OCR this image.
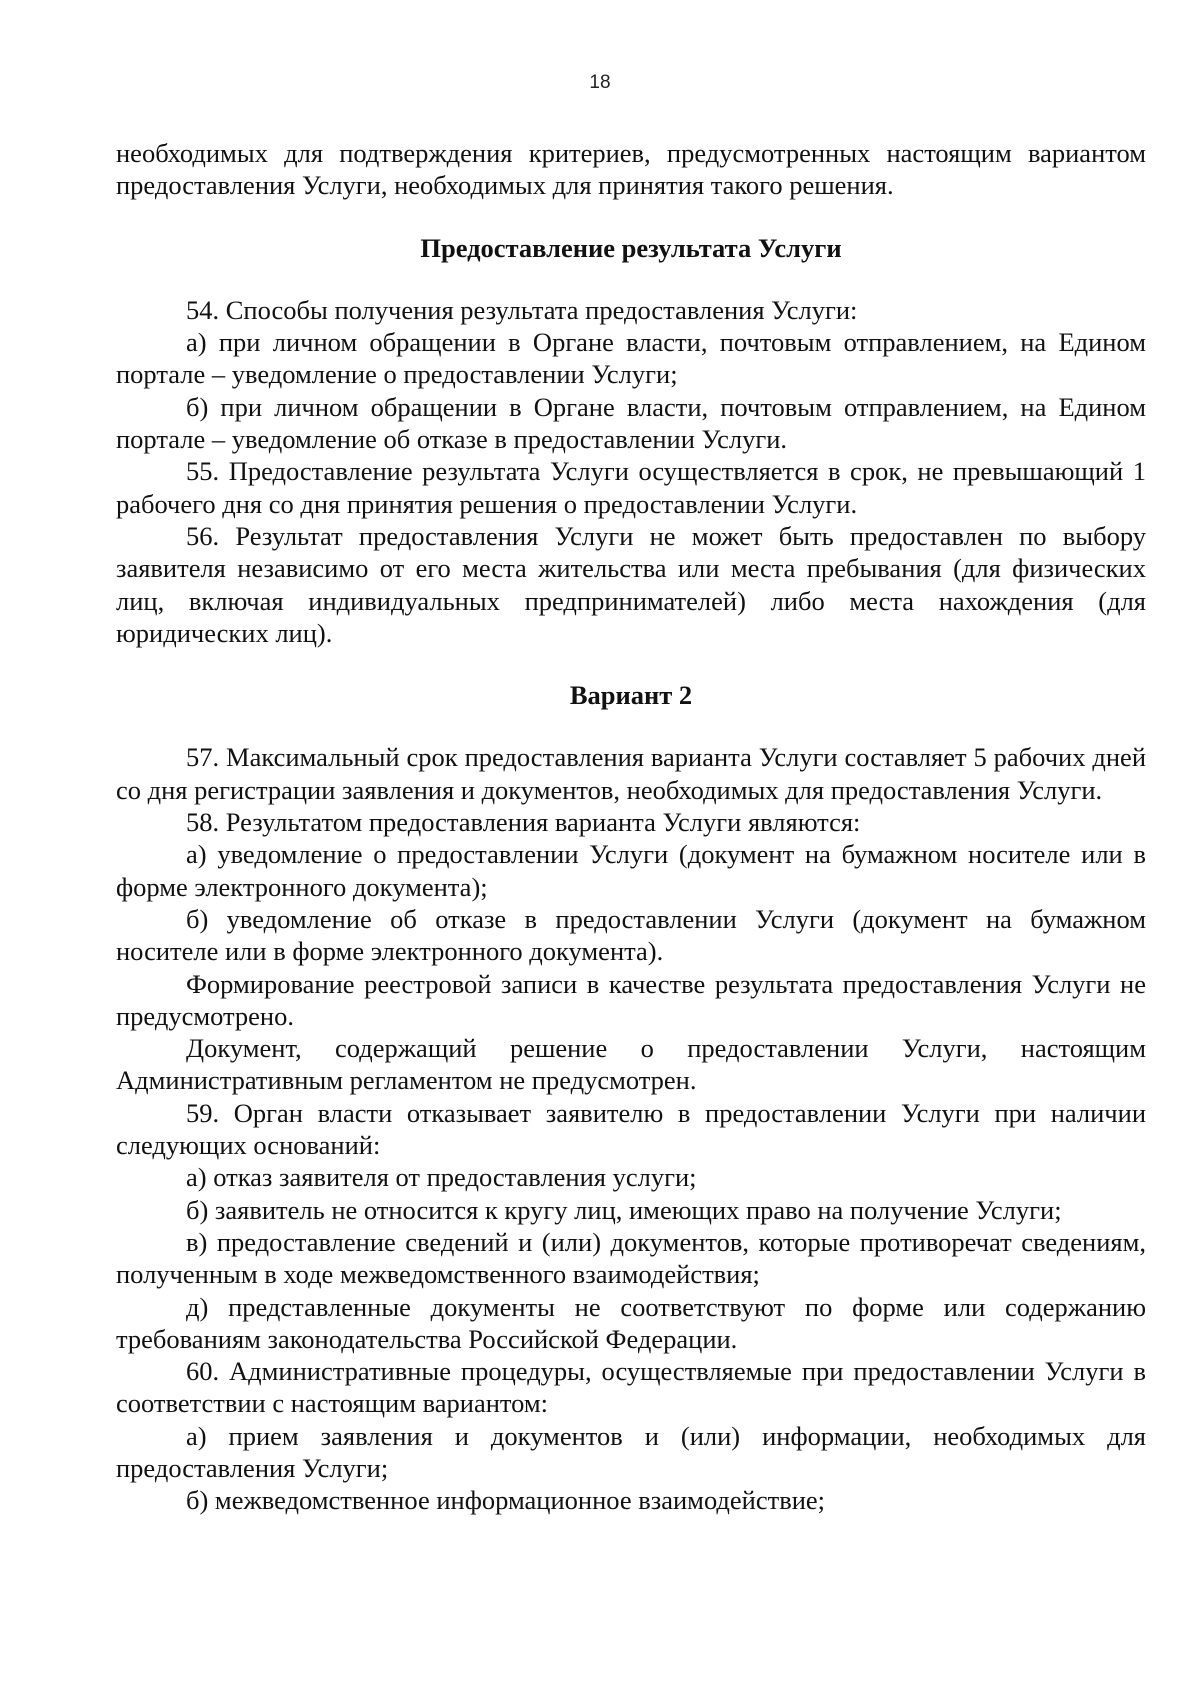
18

необходимых для подтверждения критериев, предусмотренных настоящим вариантом предоставления Услуги, необходимых для принятия такого решения.

Предоставление результата Услуги

54. Способы получения результата предоставления Услуги:

а) при личном обращении в Органе власти, почтовым отправлением, на Едином портале – уведомление о предоставлении Услуги;

б) при личном обращении в Органе власти, почтовым отправлением, на Едином портале – уведомление об отказе в предоставлении Услуги.

55. Предоставление результата Услуги осуществляется в срок, не превышающий 1 рабочего дня со дня принятия решения о предоставлении Услуги.

56. Результат предоставления Услуги не может быть предоставлен по выбору заявителя независимо от его места жительства или места пребывания (для физических лиц, включая индивидуальных предпринимателей) либо места нахождения (для юридических лиц).

Вариант 2

57. Максимальный срок предоставления варианта Услуги составляет 5 рабочих дней со дня регистрации заявления и документов, необходимых для предоставления Услуги.

58. Результатом предоставления варианта Услуги являются:

а) уведомление о предоставлении Услуги (документ на бумажном носителе или в форме электронного документа);

б) уведомление об отказе в предоставлении Услуги (документ на бумажном носителе или в форме электронного документа).

Формирование реестровой записи в качестве результата предоставления Услуги не предусмотрено.

Документ, содержащий решение о предоставлении Услуги, настоящим Административным регламентом не предусмотрен.

59. Орган власти отказывает заявителю в предоставлении Услуги при наличии следующих оснований:

а) отказ заявителя от предоставления услуги;

б) заявитель не относится к кругу лиц, имеющих право на получение Услуги;

в) предоставление сведений и (или) документов, которые противоречат сведениям, полученным в ходе межведомственного взаимодействия;

д) представленные документы не соответствуют по форме или содержанию требованиям законодательства Российской Федерации.

60. Административные процедуры, осуществляемые при предоставлении Услуги в соответствии с настоящим вариантом:

а) прием заявления и документов и (или) информации, необходимых для предоставления Услуги;

б) межведомственное информационное взаимодействие;
